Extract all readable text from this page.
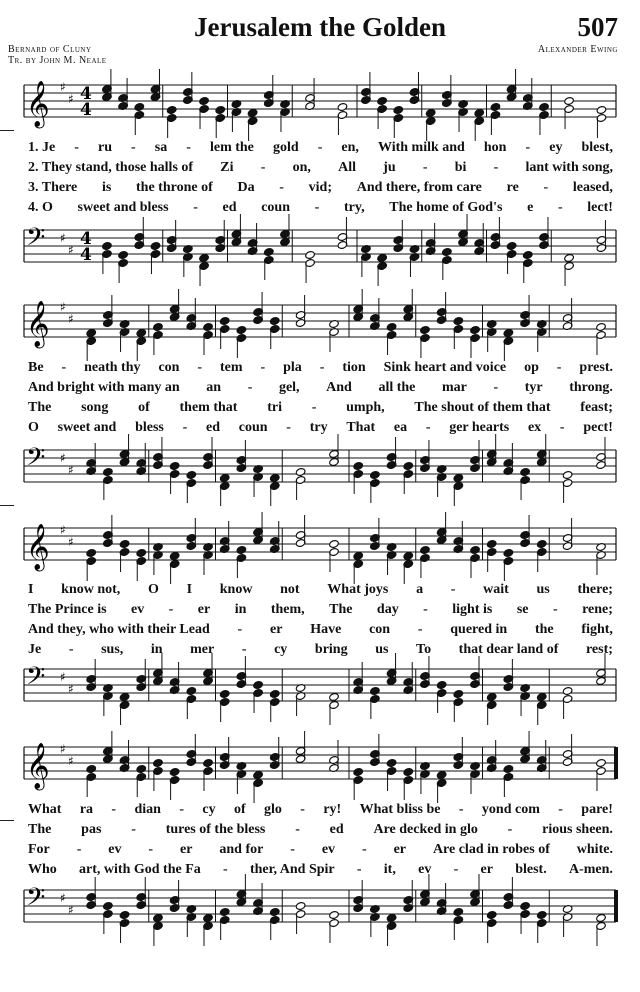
Jerusalem the Golden	507
Bernard of Cluny
Tr. by John M. Neale
Alexander Ewing
𝄞 ♯
♯ 4
4
1. Je - ru - sa - lem the gold - en, With milk and hon - ey blest,
2. They stand, those halls of Zi - on, All ju - bi - lant with song,
3. There is the throne of Da - vid; And there, from care re - leased,
4. O sweet and bless - ed coun - try, The home of God's e - lect!
𝄢 ♯
♯
4
4
𝄞 ♯
♯
Be - neath thy con - tem - pla - tion Sink heart and voice op - prest.
And bright with many an an - gel, And all the mar - tyr throng.
The song of them that tri - umph, The shout of them that feast;
O sweet and bless - ed coun - try That ea - ger hearts ex - pect!
𝄢 ♯
♯
𝄞 ♯
♯
I know not, O I know not What joys a - wait us there;
The Prince is ev - er in them, The day - light is se - rene;
And they, who with their Lead - er Have con - quered in the fight,
Je - sus, in mer - cy bring us To that dear land of rest;
𝄢 ♯
♯
𝄞 ♯
♯
What ra - dian - cy of glo - ry! What bliss be - yond com - pare!
The pas - tures of the bless - ed Are decked in glo - rious sheen.
For - ev - er and for - ev - er Are clad in robes of white.
Who art, with God the Fa - ther, And Spir - it, ev - er blest. A-men.
𝄢 ♯
♯
